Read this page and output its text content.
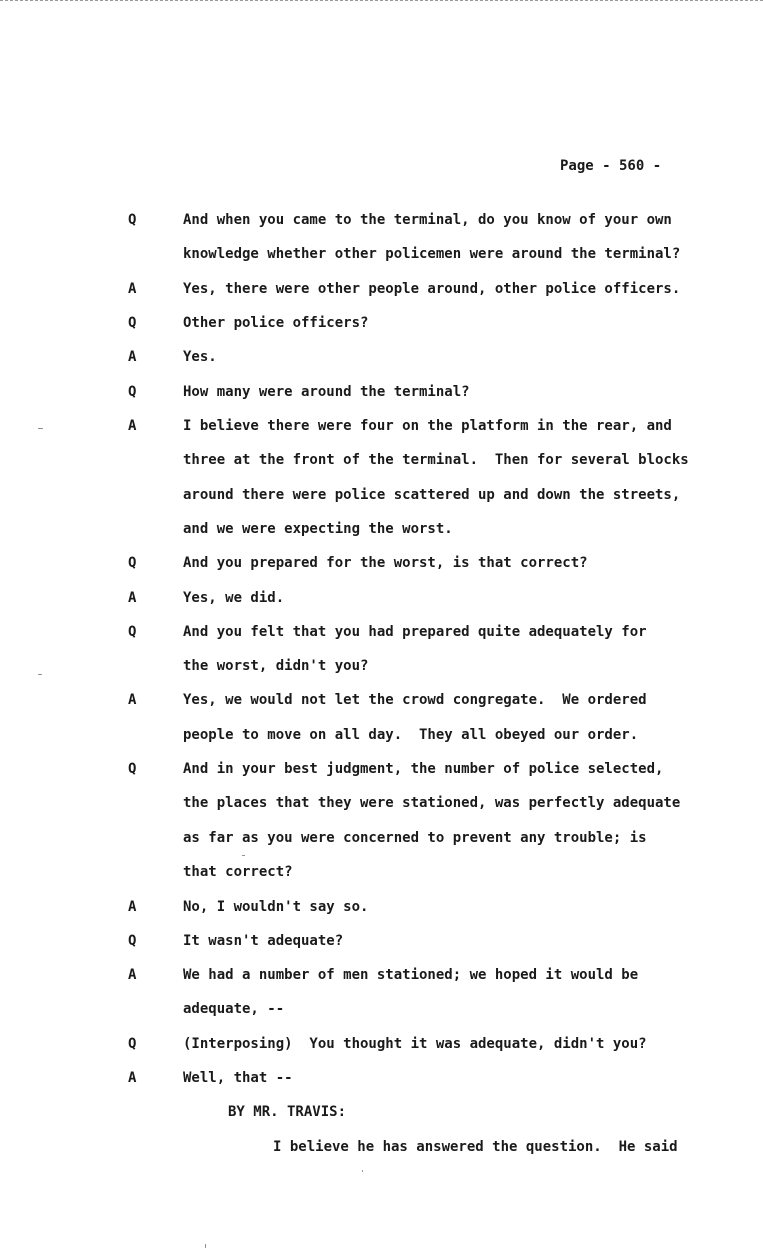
Page - 560 -
Q	And when you came to the terminal, do you know of your own
knowledge whether other policemen were around the terminal?
A	Yes, there were other people around, other police officers.
Q	Other police officers?
A	Yes.
Q	How many were around the terminal?
A	I believe there were four on the platform in the rear, and
three at the front of the terminal.  Then for several blocks
around there were police scattered up and down the streets,
and we were expecting the worst.
Q	And you prepared for the worst, is that correct?
A	Yes, we did.
Q	And you felt that you had prepared quite adequately for
the worst, didn't you?
A	Yes, we would not let the crowd congregate.  We ordered
people to move on all day.  They all obeyed our order.
Q	And in your best judgment, the number of police selected,
the places that they were stationed, was perfectly adequate
as far as you were concerned to prevent any trouble; is
that correct?
A	No, I wouldn't say so.
Q	It wasn't adequate?
A	We had a number of men stationed; we hoped it would be
adequate, --
Q	(Interposing)  You thought it was adequate, didn't you?
A	Well, that --
BY MR. TRAVIS:
I believe he has answered the question.  He said
